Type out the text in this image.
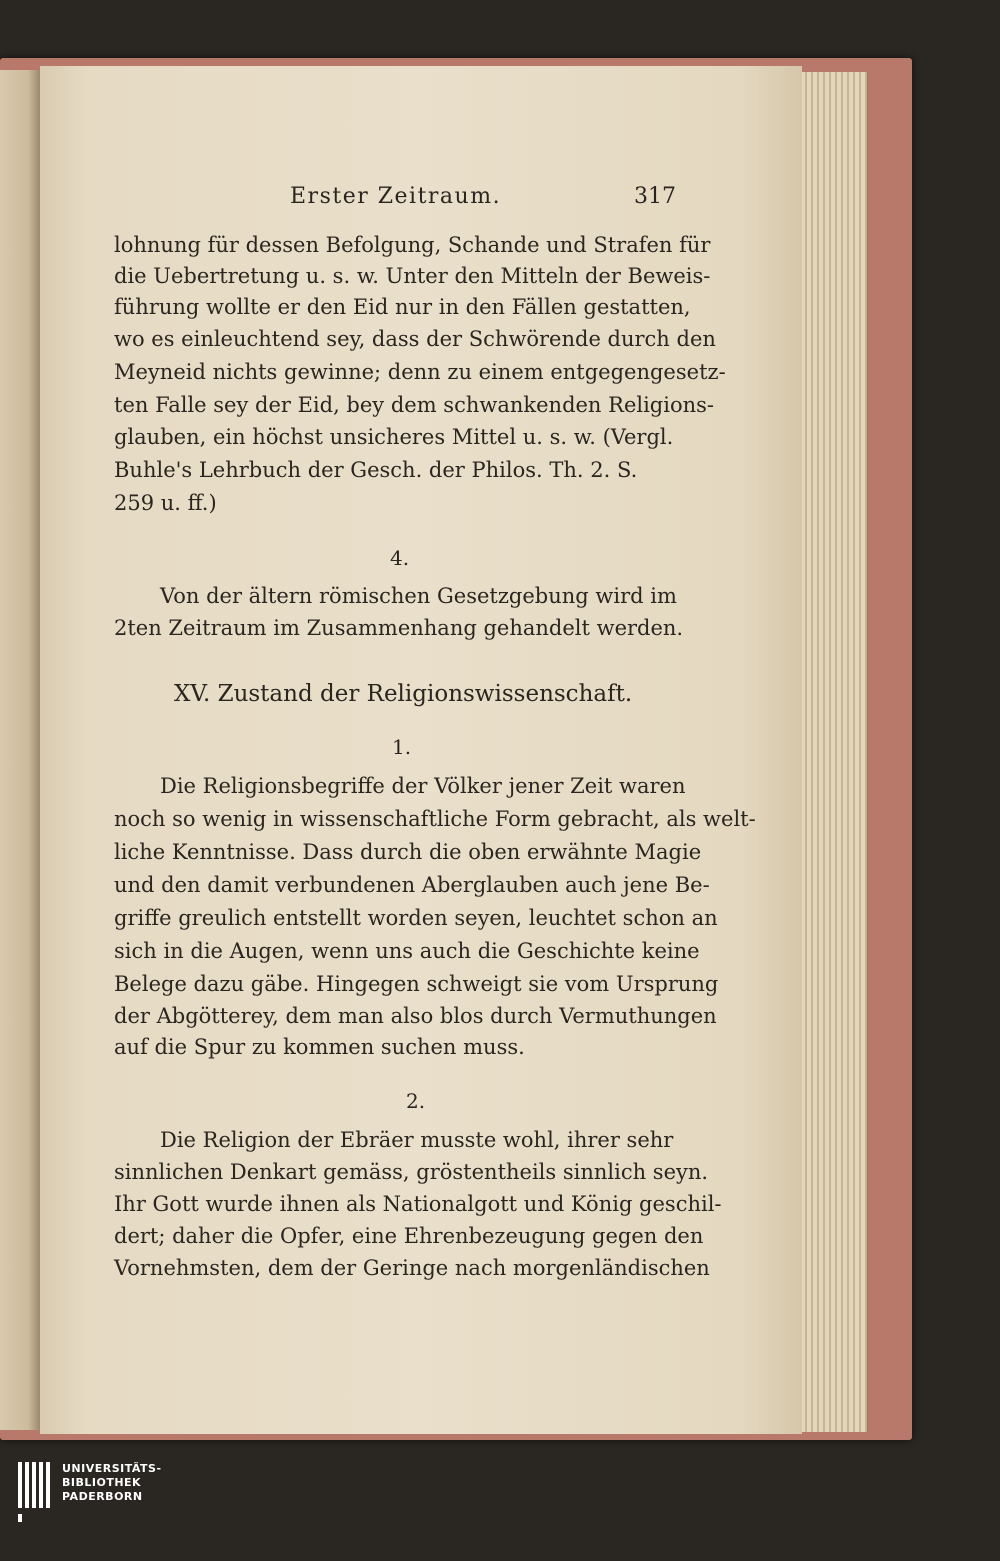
Erster Zeitraum.	317
lohnung für dessen Befolgung, Schande und Strafen für
die Uebertretung u. s. w. Unter den Mitteln der Beweis-
führung wollte er den Eid nur in den Fällen gestatten,
wo es einleuchtend sey, dass der Schwörende durch den
Meyneid nichts gewinne; denn zu einem entgegengesetz-
ten Falle sey der Eid, bey dem schwankenden Religions-
glauben, ein höchst unsicheres Mittel u. s. w. (Vergl.
Buhle's Lehrbuch der Gesch. der Philos. Th. 2. S.
259 u. ff.)
4.
Von der ältern römischen Gesetzgebung wird im
2ten Zeitraum im Zusammenhang gehandelt werden.
XV. Zustand der Religionswissenschaft.
1.
Die Religionsbegriffe der Völker jener Zeit waren
noch so wenig in wissenschaftliche Form gebracht, als welt-
liche Kenntnisse. Dass durch die oben erwähnte Magie
und den damit verbundenen Aberglauben auch jene Be-
griffe greulich entstellt worden seyen, leuchtet schon an
sich in die Augen, wenn uns auch die Geschichte keine
Belege dazu gäbe. Hingegen schweigt sie vom Ursprung
der Abgötterey, dem man also blos durch Vermuthungen
auf die Spur zu kommen suchen muss.
2.
Die Religion der Ebräer musste wohl, ihrer sehr
sinnlichen Denkart gemäss, gröstentheils sinnlich seyn.
Ihr Gott wurde ihnen als Nationalgott und König geschil-
dert; daher die Opfer, eine Ehrenbezeugung gegen den
Vornehmsten, dem der Geringe nach morgenländischen
UNIVERSITÄTS-
BIBLIOTHEK
PADERBORN
